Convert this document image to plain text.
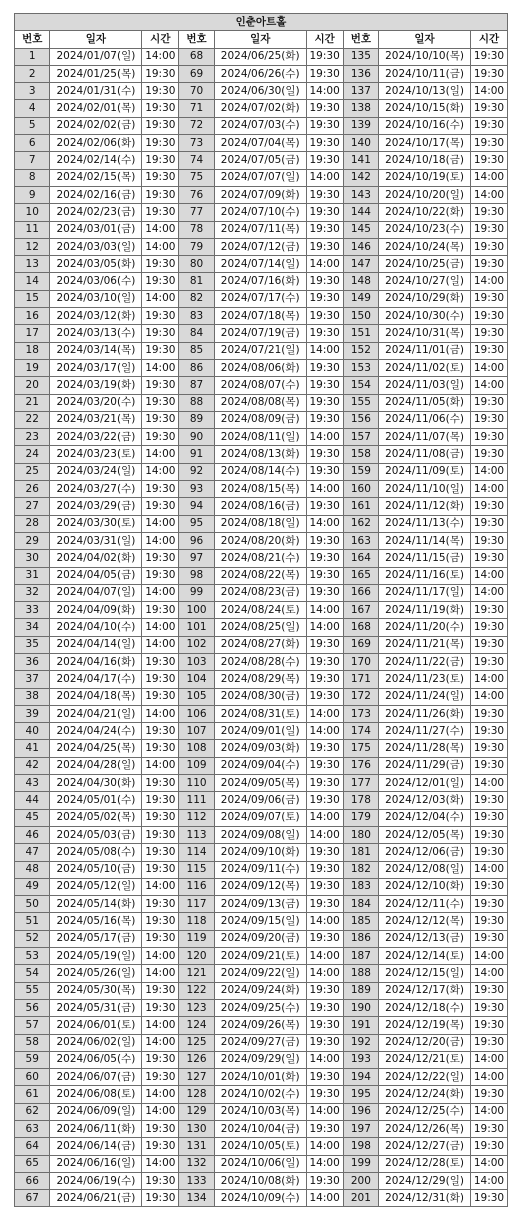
인춘아트홀								
번호	일자	시간	번호	일자	시간	번호	일자	시간
1	2024/01/07(일)	14:00	68	2024/06/25(화)	19:30	135	2024/10/10(목)	19:30
2	2024/01/25(목)	19:30	69	2024/06/26(수)	19:30	136	2024/10/11(금)	19:30
3	2024/01/31(수)	19:30	70	2024/06/30(일)	14:00	137	2024/10/13(일)	14:00
4	2024/02/01(목)	19:30	71	2024/07/02(화)	19:30	138	2024/10/15(화)	19:30
5	2024/02/02(금)	19:30	72	2024/07/03(수)	19:30	139	2024/10/16(수)	19:30
6	2024/02/06(화)	19:30	73	2024/07/04(목)	19:30	140	2024/10/17(목)	19:30
7	2024/02/14(수)	19:30	74	2024/07/05(금)	19:30	141	2024/10/18(금)	19:30
8	2024/02/15(목)	19:30	75	2024/07/07(일)	14:00	142	2024/10/19(토)	14:00
9	2024/02/16(금)	19:30	76	2024/07/09(화)	19:30	143	2024/10/20(일)	14:00
10	2024/02/23(금)	19:30	77	2024/07/10(수)	19:30	144	2024/10/22(화)	19:30
11	2024/03/01(금)	14:00	78	2024/07/11(목)	19:30	145	2024/10/23(수)	19:30
12	2024/03/03(일)	14:00	79	2024/07/12(금)	19:30	146	2024/10/24(목)	19:30
13	2024/03/05(화)	19:30	80	2024/07/14(일)	14:00	147	2024/10/25(금)	19:30
14	2024/03/06(수)	19:30	81	2024/07/16(화)	19:30	148	2024/10/27(일)	14:00
15	2024/03/10(일)	14:00	82	2024/07/17(수)	19:30	149	2024/10/29(화)	19:30
16	2024/03/12(화)	19:30	83	2024/07/18(목)	19:30	150	2024/10/30(수)	19:30
17	2024/03/13(수)	19:30	84	2024/07/19(금)	19:30	151	2024/10/31(목)	19:30
18	2024/03/14(목)	19:30	85	2024/07/21(일)	14:00	152	2024/11/01(금)	19:30
19	2024/03/17(일)	14:00	86	2024/08/06(화)	19:30	153	2024/11/02(토)	14:00
20	2024/03/19(화)	19:30	87	2024/08/07(수)	19:30	154	2024/11/03(일)	14:00
21	2024/03/20(수)	19:30	88	2024/08/08(목)	19:30	155	2024/11/05(화)	19:30
22	2024/03/21(목)	19:30	89	2024/08/09(금)	19:30	156	2024/11/06(수)	19:30
23	2024/03/22(금)	19:30	90	2024/08/11(일)	14:00	157	2024/11/07(목)	19:30
24	2024/03/23(토)	14:00	91	2024/08/13(화)	19:30	158	2024/11/08(금)	19:30
25	2024/03/24(일)	14:00	92	2024/08/14(수)	19:30	159	2024/11/09(토)	14:00
26	2024/03/27(수)	19:30	93	2024/08/15(목)	14:00	160	2024/11/10(일)	14:00
27	2024/03/29(금)	19:30	94	2024/08/16(금)	19:30	161	2024/11/12(화)	19:30
28	2024/03/30(토)	14:00	95	2024/08/18(일)	14:00	162	2024/11/13(수)	19:30
29	2024/03/31(일)	14:00	96	2024/08/20(화)	19:30	163	2024/11/14(목)	19:30
30	2024/04/02(화)	19:30	97	2024/08/21(수)	19:30	164	2024/11/15(금)	19:30
31	2024/04/05(금)	19:30	98	2024/08/22(목)	19:30	165	2024/11/16(토)	14:00
32	2024/04/07(일)	14:00	99	2024/08/23(금)	19:30	166	2024/11/17(일)	14:00
33	2024/04/09(화)	19:30	100	2024/08/24(토)	14:00	167	2024/11/19(화)	19:30
34	2024/04/10(수)	14:00	101	2024/08/25(일)	14:00	168	2024/11/20(수)	19:30
35	2024/04/14(일)	14:00	102	2024/08/27(화)	19:30	169	2024/11/21(목)	19:30
36	2024/04/16(화)	19:30	103	2024/08/28(수)	19:30	170	2024/11/22(금)	19:30
37	2024/04/17(수)	19:30	104	2024/08/29(목)	19:30	171	2024/11/23(토)	14:00
38	2024/04/18(목)	19:30	105	2024/08/30(금)	19:30	172	2024/11/24(일)	14:00
39	2024/04/21(일)	14:00	106	2024/08/31(토)	14:00	173	2024/11/26(화)	19:30
40	2024/04/24(수)	19:30	107	2024/09/01(일)	14:00	174	2024/11/27(수)	19:30
41	2024/04/25(목)	19:30	108	2024/09/03(화)	19:30	175	2024/11/28(목)	19:30
42	2024/04/28(일)	14:00	109	2024/09/04(수)	19:30	176	2024/11/29(금)	19:30
43	2024/04/30(화)	19:30	110	2024/09/05(목)	19:30	177	2024/12/01(일)	14:00
44	2024/05/01(수)	19:30	111	2024/09/06(금)	19:30	178	2024/12/03(화)	19:30
45	2024/05/02(목)	19:30	112	2024/09/07(토)	14:00	179	2024/12/04(수)	19:30
46	2024/05/03(금)	19:30	113	2024/09/08(일)	14:00	180	2024/12/05(목)	19:30
47	2024/05/08(수)	19:30	114	2024/09/10(화)	19:30	181	2024/12/06(금)	19:30
48	2024/05/10(금)	19:30	115	2024/09/11(수)	19:30	182	2024/12/08(일)	14:00
49	2024/05/12(일)	14:00	116	2024/09/12(목)	19:30	183	2024/12/10(화)	19:30
50	2024/05/14(화)	19:30	117	2024/09/13(금)	19:30	184	2024/12/11(수)	19:30
51	2024/05/16(목)	19:30	118	2024/09/15(일)	14:00	185	2024/12/12(목)	19:30
52	2024/05/17(금)	19:30	119	2024/09/20(금)	19:30	186	2024/12/13(금)	19:30
53	2024/05/19(일)	14:00	120	2024/09/21(토)	14:00	187	2024/12/14(토)	14:00
54	2024/05/26(일)	14:00	121	2024/09/22(일)	14:00	188	2024/12/15(일)	14:00
55	2024/05/30(목)	19:30	122	2024/09/24(화)	19:30	189	2024/12/17(화)	19:30
56	2024/05/31(금)	19:30	123	2024/09/25(수)	19:30	190	2024/12/18(수)	19:30
57	2024/06/01(토)	14:00	124	2024/09/26(목)	19:30	191	2024/12/19(목)	19:30
58	2024/06/02(일)	14:00	125	2024/09/27(금)	19:30	192	2024/12/20(금)	19:30
59	2024/06/05(수)	19:30	126	2024/09/29(일)	14:00	193	2024/12/21(토)	14:00
60	2024/06/07(금)	19:30	127	2024/10/01(화)	19:30	194	2024/12/22(일)	14:00
61	2024/06/08(토)	14:00	128	2024/10/02(수)	19:30	195	2024/12/24(화)	19:30
62	2024/06/09(일)	14:00	129	2024/10/03(목)	14:00	196	2024/12/25(수)	14:00
63	2024/06/11(화)	19:30	130	2024/10/04(금)	19:30	197	2024/12/26(목)	19:30
64	2024/06/14(금)	19:30	131	2024/10/05(토)	14:00	198	2024/12/27(금)	19:30
65	2024/06/16(일)	14:00	132	2024/10/06(일)	14:00	199	2024/12/28(토)	14:00
66	2024/06/19(수)	19:30	133	2024/10/08(화)	19:30	200	2024/12/29(일)	14:00
67	2024/06/21(금)	19:30	134	2024/10/09(수)	14:00	201	2024/12/31(화)	19:30
